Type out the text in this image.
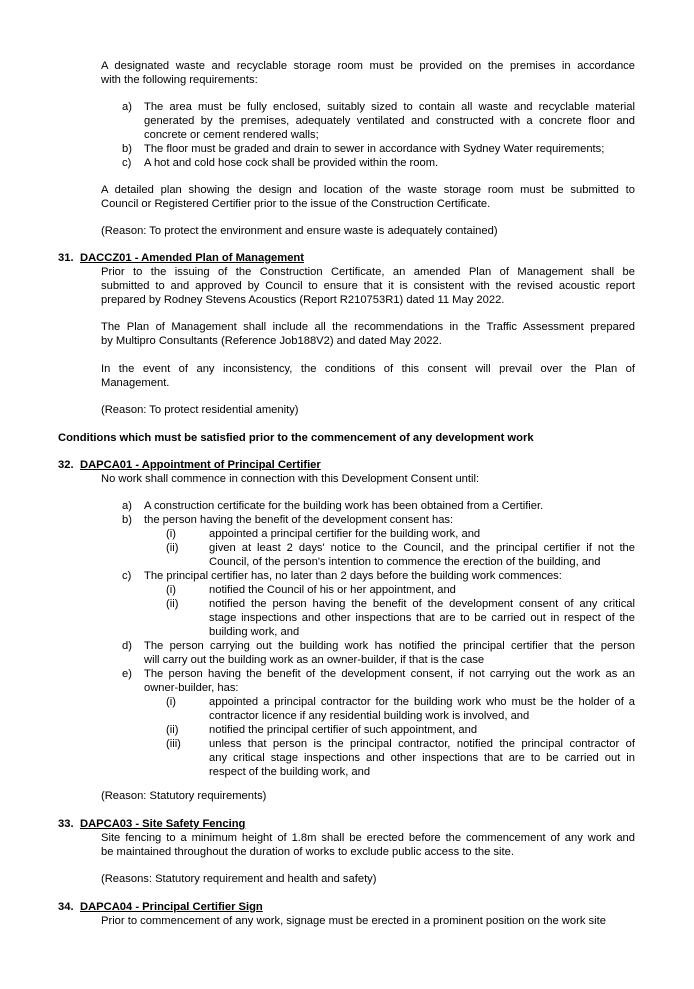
A designated waste and recyclable storage room must be provided on the premises in accordance
with the following requirements:
a) The area must be fully enclosed, suitably sized to contain all waste and recyclable material
generated by the premises, adequately ventilated and constructed with a concrete floor and
concrete or cement rendered walls;
b) The floor must be graded and drain to sewer in accordance with Sydney Water requirements;
c) A hot and cold hose cock shall be provided within the room.
A detailed plan showing the design and location of the waste storage room must be submitted to
Council or Registered Certifier prior to the issue of the Construction Certificate.
(Reason: To protect the environment and ensure waste is adequately contained)
31. DACCZ01 - Amended Plan of Management
Prior to the issuing of the Construction Certificate, an amended Plan of Management shall be
submitted to and approved by Council to ensure that it is consistent with the revised acoustic report
prepared by Rodney Stevens Acoustics (Report R210753R1) dated 11 May 2022.
The Plan of Management shall include all the recommendations in the Traffic Assessment prepared
by Multipro Consultants (Reference Job188V2) and dated May 2022.
In the event of any inconsistency, the conditions of this consent will prevail over the Plan of
Management.
(Reason: To protect residential amenity)
Conditions which must be satisfied prior to the commencement of any development work
32. DAPCA01 - Appointment of Principal Certifier
No work shall commence in connection with this Development Consent until:
a) A construction certificate for the building work has been obtained from a Certifier.
b) the person having the benefit of the development consent has:
(i)	appointed a principal certifier for the building work, and
(ii)	given at least 2 days' notice to the Council, and the principal certifier if not the
Council, of the person's intention to commence the erection of the building, and
c) The principal certifier has, no later than 2 days before the building work commences:
(i)	notified the Council of his or her appointment, and
(ii)	notified the person having the benefit of the development consent of any critical
stage inspections and other inspections that are to be carried out in respect of the
building work, and
d) The person carrying out the building work has notified the principal certifier that the person
will carry out the building work as an owner-builder, if that is the case
e) The person having the benefit of the development consent, if not carrying out the work as an
owner-builder, has:
(i)	appointed a principal contractor for the building work who must be the holder of a
contractor licence if any residential building work is involved, and
(ii)	notified the principal certifier of such appointment, and
(iii)	unless that person is the principal contractor, notified the principal contractor of
any critical stage inspections and other inspections that are to be carried out in
respect of the building work, and
(Reason: Statutory requirements)
33. DAPCA03 - Site Safety Fencing
Site fencing to a minimum height of 1.8m shall be erected before the commencement of any work and
be maintained throughout the duration of works to exclude public access to the site.
(Reasons: Statutory requirement and health and safety)
34. DAPCA04 - Principal Certifier Sign
Prior to commencement of any work, signage must be erected in a prominent position on the work site
